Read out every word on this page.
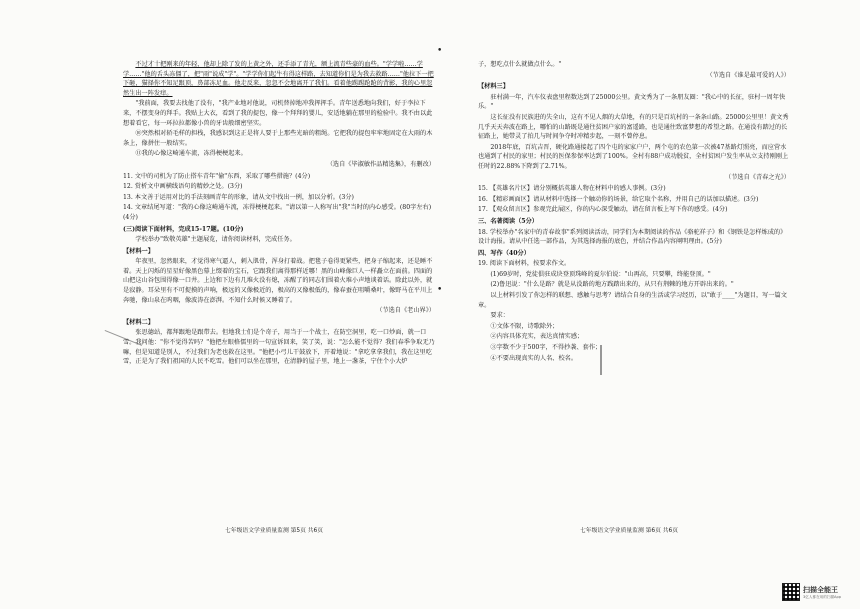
•
•

不过才十把刚来的年轻，他却上除了发的上黄之外，还手添了青光，额上流青些豪的血些。"学学啦……学学……"他的舌头冻僵了，把"雨"说成"学"。"学学你们起牛有得这样路，去知道你们是为我去救路……"他拉下一把下砸，猫择你不知足跟顶，鼻部冻足血。他走反来，忽忽不会地离开了我们。看着他踢踢跄跄的背影，我的心里忽然生出一阵发痒。

"我前面，我要去找他了没有，"我产业地对他说，司机替掉地冲我挥挥手。青年送悉地向我们，好于李拉下来，不摆变身的拜手。我贴上大衣，看到了我的提包，像一个拜拜的婴儿，安适地躺在那里的检验中。我不由以此想着看它，每一环拉拉都像小兽的牙齿般细密坚实。

⑩突然相对轿毛样的担栈，我感识到这正是将人要于上那些光暗的粗绳。它把我的提包牢牢地固定在大雨的木条上，像拼住一般结实。

⑪我的心像这崎通车流，冻得梗梗起来。

（选自《毕淑敏作品精选集》，有删改）

11. 文中的司机为了防止搭车青年"偷"东西，采取了哪些措施？(4分)

12. 赏析文中画横线语句的精妙之处。(3分)

13. 本文善于运用对比的手法刻画青年的形象，请从文中找出一例，加以分析。(3分)

14. 文章结尾写道："我的心像这崎通车流，冻得梗梗起来。"请以第一人称写出"我"当时的内心感受。(80字左右)(4分)

(三)阅读下面材料，完成15-17题。(10分)

学校举办"致敬英雄"主题展览，请你阅读材料，完成任务。

【材料一】

年夜里，忽然眼来，才觉得寒气逼人，刺入肌骨，浑身打着战。把毯子卷得更紧些，把身子缩起来，还是睡不着。天上闪烁的星星好像黑色幕上缀着的宝石，它跟我们离得那样近哪！黑的山峰像巨人一样矗立在面前。四面的山把这山谷包围得像一口井。上边和下边有几堆火没有熄，冻醒了的同志们围着火堆小声地谈着话。除此以外，就是寂静。耳朵里有不可捉摸的声响，极远的又像极近的，极高的又像极低的，像春蚕在咀嚼桑叶，像野马在平川上奔驰，像山泉在呜咽，像波涛在澎湃。不知什么时候又睡着了。

（节选自《老山界》）

【材料二】

张思德站，都拜跟地是跟带去。但地我士们是个奇子，用当于一个战士，在防空洞里，吃一口炒面，就一口雪。我问他："你不觉得苦吗？"他把左眼格儒里的一句宣诉回来，笑了笑，说："怎么能不觉得？我们春季争取无乃嘛，但是知道是别人，不过我们为老也救在这里。"他把小弓儿干鼓放下，开着地说："拿吃拿拿我们，我在这里吃雪，正是为了我们祖国的人民不吃雪。他们可以坐在那里，在清静的屋子里，地上一盏茶，宁住个小大炉

子，想吃点什么就做点什么。"

（节选自《谁是最可爱的人》）

【材料三】

驻村满一年，汽车仪表盘里程数达到了25000公里。黄文秀为了一条朋友圈："我心中的长征，驻村一周年快乐。"

这长征没有民族进的失全山，这有不见人烟的大草地，有的只是百坑村的一条条山路。25000公里里！黄文秀几乎天天奔波在路上，哪怕的山路既是通往贫困户家的富遥路，也是通往致富梦想的希望之路。在通没有踏过的长征路上，她带灵了拍几与时间争夺时冲精步起，一刻不曾停息。

2018年底，百坑吉晋，硬化路通接起了四个屯的家家户户，两个屯的农色第一次被47基路灯照亮，而应营水也通到了村民的家里；村民的医保参保率达到了100%。全村有88户成功脱贫，全村贫困户发生率从立支持刚刚上任时的22.88%下降到了2.71%。

（节选自《青春之光》）

15. 【英雄名片区】请分别概括英雄人物在材料中的感人事例。(3分)

16. 【精彩画面区】请从材料中选择一个触动你的场景，给它取个名称，并用自己的话加以描述。(3分)

17. 【观众留言区】参观完此展区，你的内心深受触动，请在留言板上写下你的感受。(4分)

三、名著阅读（5分）

18. 学校举办"名家中的青春故事"系列阅读活动，同学们为本期阅读的作品《骆驼祥子》和《钢铁是怎样炼成的》设计海报。请从中任选一部作品，为其选择海报的底色，并结合作品内容阐明理由。(5分)

四、写作（40分）

19. 阅读下面材料，按要求作文。

(1)69岁时，党徒俱驻成块登顶珠峰的夏尔伯说："山再高，只要攀，终能登顶。"

(2)鲁迅说："什么是路？就是从没路的地方践踏出来的，从只有荆棘的地方开辟出来的。"

以上材料引发了你怎样的联想、感触与思考？请结合自身的生活或学习经历，以"敢于____"为题目，写一篇文章。

要求：

①文体不限，诗歌除外；

②内容具体充实，表达真情实感；

③字数不少于500字，不得抄袭、套作；

④不要出现真实的人名、校名。

七年级语文学业质量监测 第5页 共6页	七年级语文学业质量监测 第6页 共6页
扫描全能王
3亿人都在用的扫描App
